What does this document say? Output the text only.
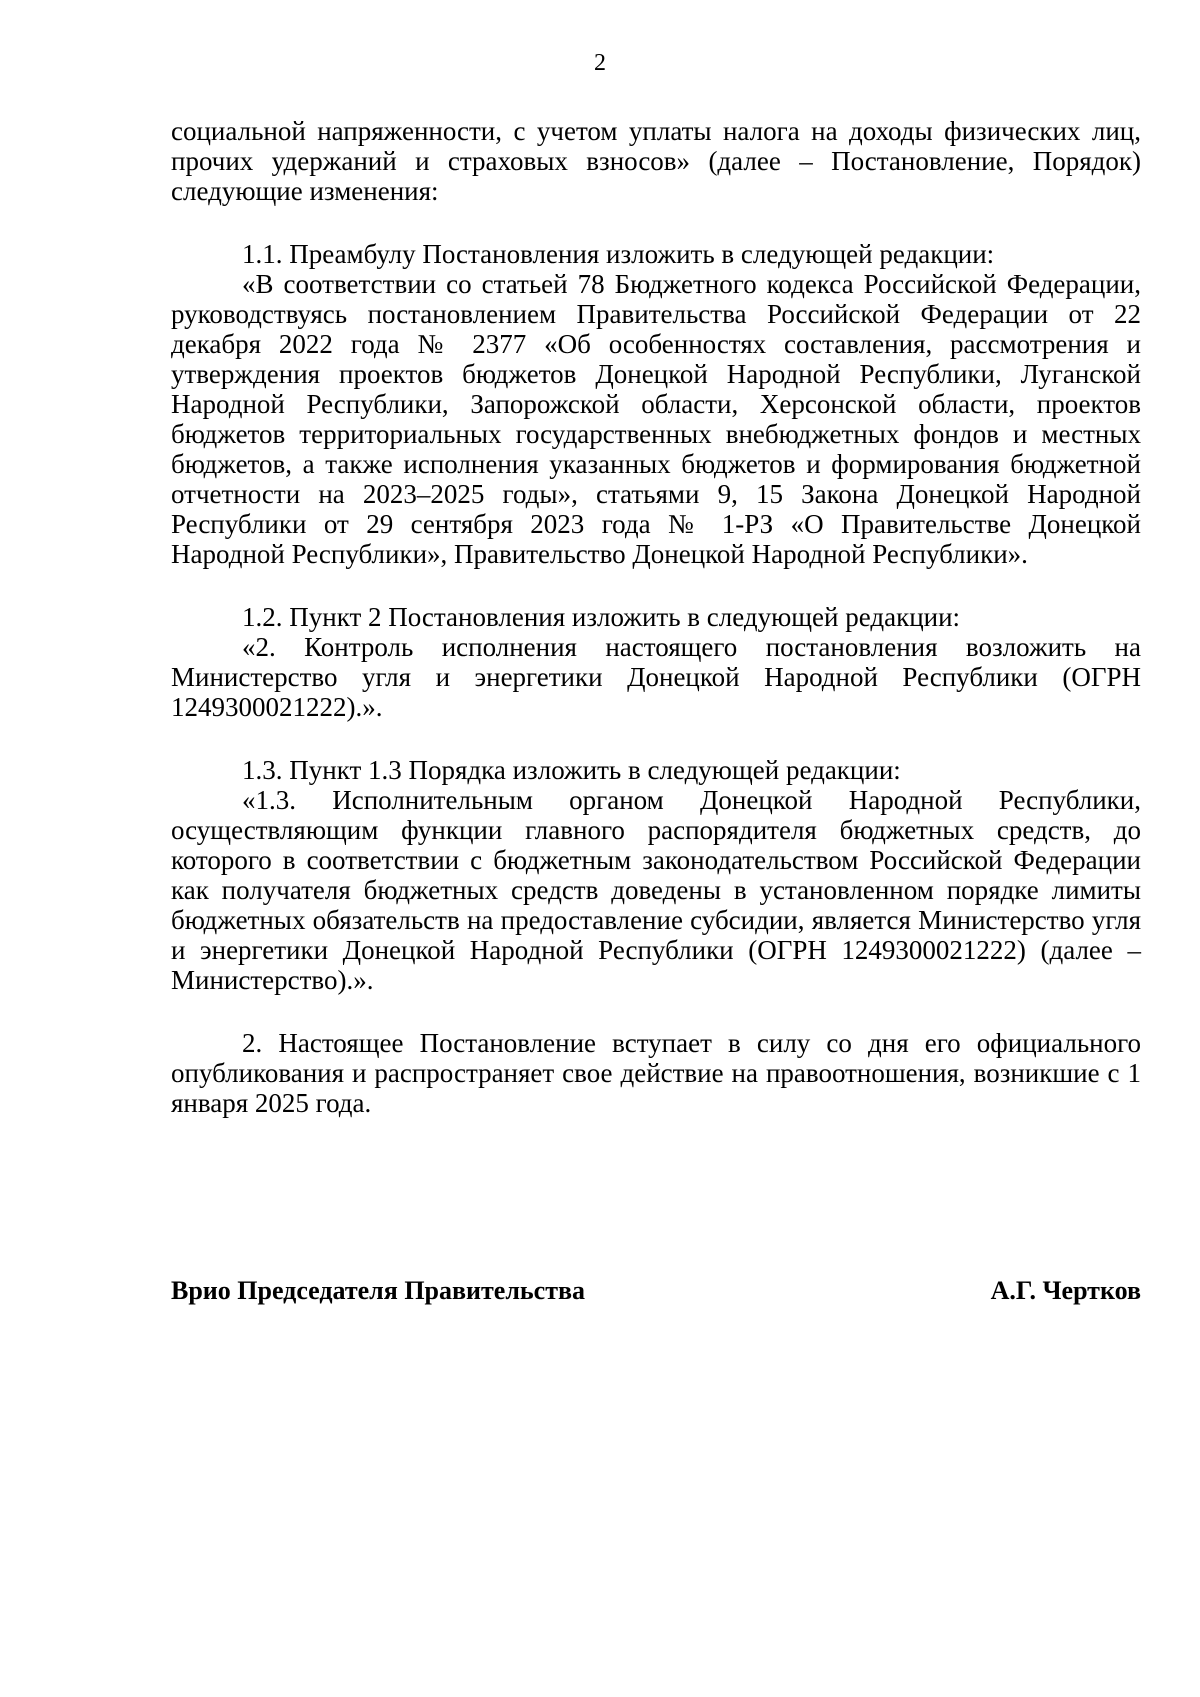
2

социальной напряженности, с учетом уплаты налога на доходы физических лиц, прочих удержаний и страховых взносов» (далее – Постановление, Порядок) следующие изменения:

1.1. Преамбулу Постановления изложить в следующей редакции:

«В соответствии со статьей 78 Бюджетного кодекса Российской Федерации, руководствуясь постановлением Правительства Российской Федерации от 22 декабря 2022 года № 2377 «Об особенностях составления, рассмотрения и утверждения проектов бюджетов Донецкой Народной Республики, Луганской Народной Республики, Запорожской области, Херсонской области, проектов бюджетов территориальных государственных внебюджетных фондов и местных бюджетов, а также исполнения указанных бюджетов и формирования бюджетной отчетности на 2023–2025 годы», статьями 9, 15 Закона Донецкой Народной Республики от 29 сентября 2023 года № 1-РЗ «О Правительстве Донецкой Народной Республики», Правительство Донецкой Народной Республики».

1.2. Пункт 2 Постановления изложить в следующей редакции:

«2. Контроль исполнения настоящего постановления возложить на Министерство угля и энергетики Донецкой Народной Республики (ОГРН 1249300021222).».

1.3. Пункт 1.3 Порядка изложить в следующей редакции:

«1.3. Исполнительным органом Донецкой Народной Республики, осуществляющим функции главного распорядителя бюджетных средств, до которого в соответствии с бюджетным законодательством Российской Федерации как получателя бюджетных средств доведены в установленном порядке лимиты бюджетных обязательств на предоставление субсидии, является Министерство угля и энергетики Донецкой Народной Республики (ОГРН 1249300021222) (далее – Министерство).».

2. Настоящее Постановление вступает в силу со дня его официального опубликования и распространяет свое действие на правоотношения, возникшие с 1 января 2025 года.

Врио Председателя Правительства	А.Г. Чертков
